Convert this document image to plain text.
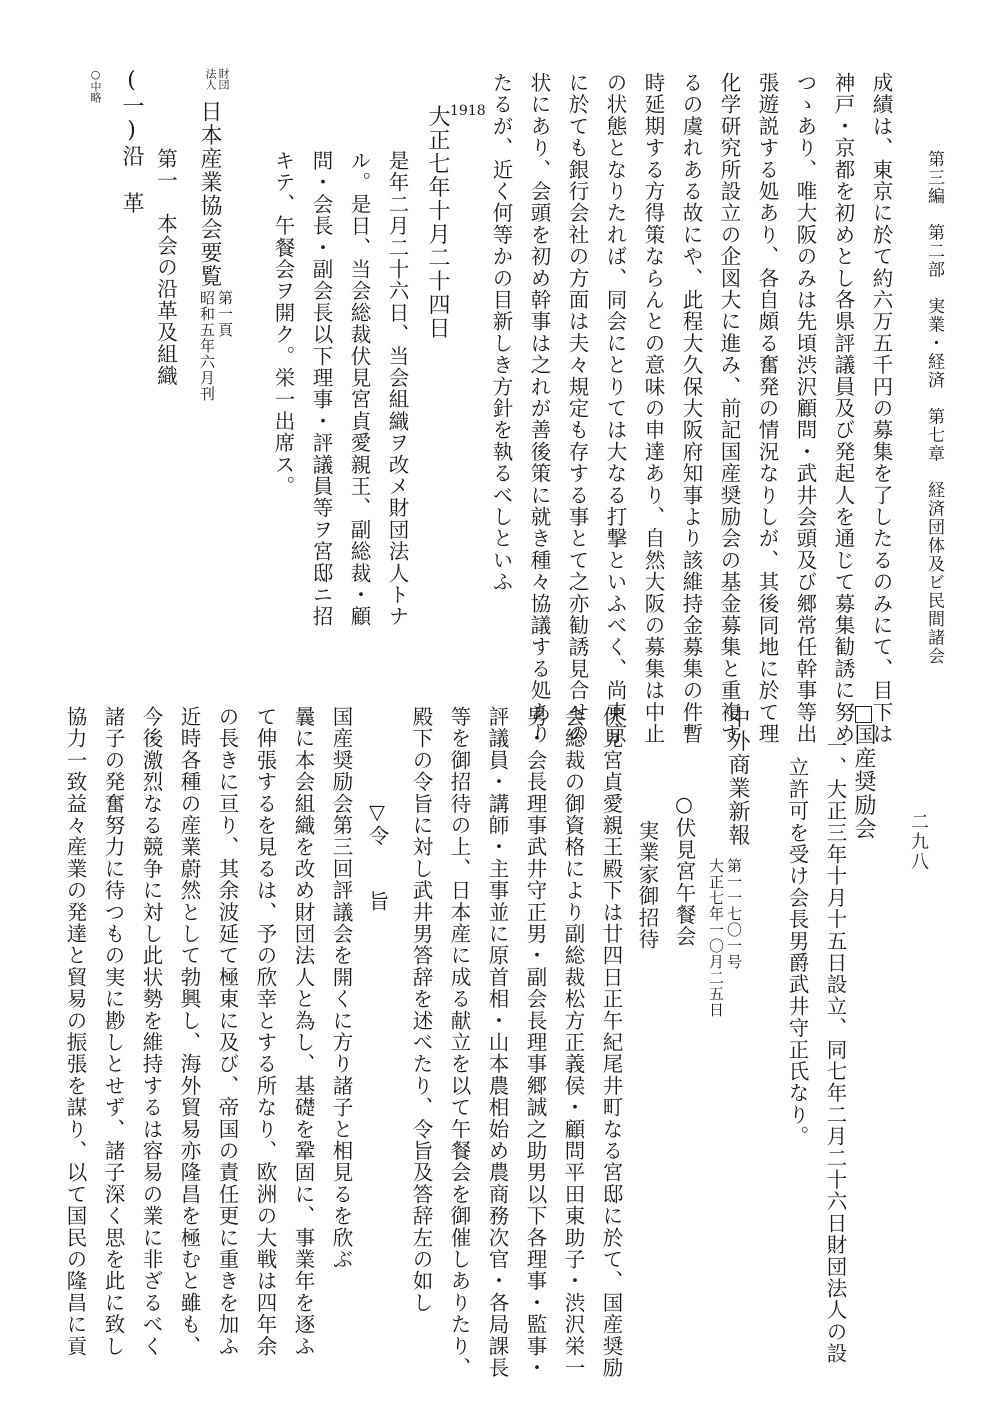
第三編　第二部　実業・経済　第七章　経済団体及ビ民間諸会

二九八

成績は、東京に於て約六万五千円の募集を了したるのみにて、目下は

神戸・京都を初めとし各県評議員及び発起人を通じて募集勧誘に努め

つゝあり、唯大阪のみは先頃渋沢顧問・武井会頭及び郷常任幹事等出

張遊説する処あり、各自頗る奮発の情況なりしが、其後同地に於て理

化学研究所設立の企図大に進み、前記国産奨励会の基金募集と重複す

るの虞れある故にや、此程大久保大阪府知事より該維持金募集の件暫

時延期する方得策ならんとの意味の申達あり、自然大阪の募集は中止

の状態となりたれば、同会にとりては大なる打撃といふべく、尚東京

に於ても銀行会社の方面は夫々規定も存する事とて之亦勧誘見合せの

状にあり、会頭を初め幹事は之れが善後策に就き種々協議する処あり

たるが、近く何等かの目新しき方針を執るべしといふ

1918

大正七年十月二十四日

是年二月二十六日、当会組織ヲ改メ財団法人トナ

ル。是日、当会総裁伏見宮貞愛親王、副総裁・顧

問・会長・副会長以下理事・評議員等ヲ宮邸ニ招

キテ、午餐会ヲ開ク。栄一出席ス。

財団

法人

日本産業協会要覧

第一頁

昭和五年六月刊

第一　本会の沿革及組織

(一)沿　革

○中略

国産奨励会

一、大正三年十月十五日設立、同七年二月二十六日財団法人の設

　立許可を受け会長男爵武井守正氏なり。

中外商業新報

第一一七〇一号

大正七年一〇月二五日

○伏見宮午餐会

実業家御招待

伏見宮貞愛親王殿下は廿四日正午紀尾井町なる宮邸に於て、国産奨励

会総裁の御資格により副総裁松方正義侯・顧問平田東助子・渋沢栄一

男・会長理事武井守正男・副会長理事郷誠之助男以下各理事・監事・

評議員・講師・主事並に原首相・山本農相始め農商務次官・各局課長

等を御招待の上、日本産に成る献立を以て午餐会を御催しありたり、

殿下の令旨に対し武井男答辞を述べたり、令旨及答辞左の如し

▽令　　旨

国産奨励会第三回評議会を開くに方り諸子と相見るを欣ぶ

曩に本会組織を改め財団法人と為し、基礎を鞏固に、事業年を逐ふ

て伸張するを見るは、予の欣幸とする所なり、欧洲の大戦は四年余

の長きに亘り、其余波延て極東に及び、帝国の責任更に重きを加ふ

近時各種の産業蔚然として勃興し、海外貿易亦隆昌を極むと雖も、

今後激烈なる競争に対し此状勢を維持するは容易の業に非ざるべく

諸子の発奮努力に待つもの実に尠しとせず、諸子深く思を此に致し

協力一致益々産業の発達と貿易の振張を謀り、以て国民の隆昌に貢
